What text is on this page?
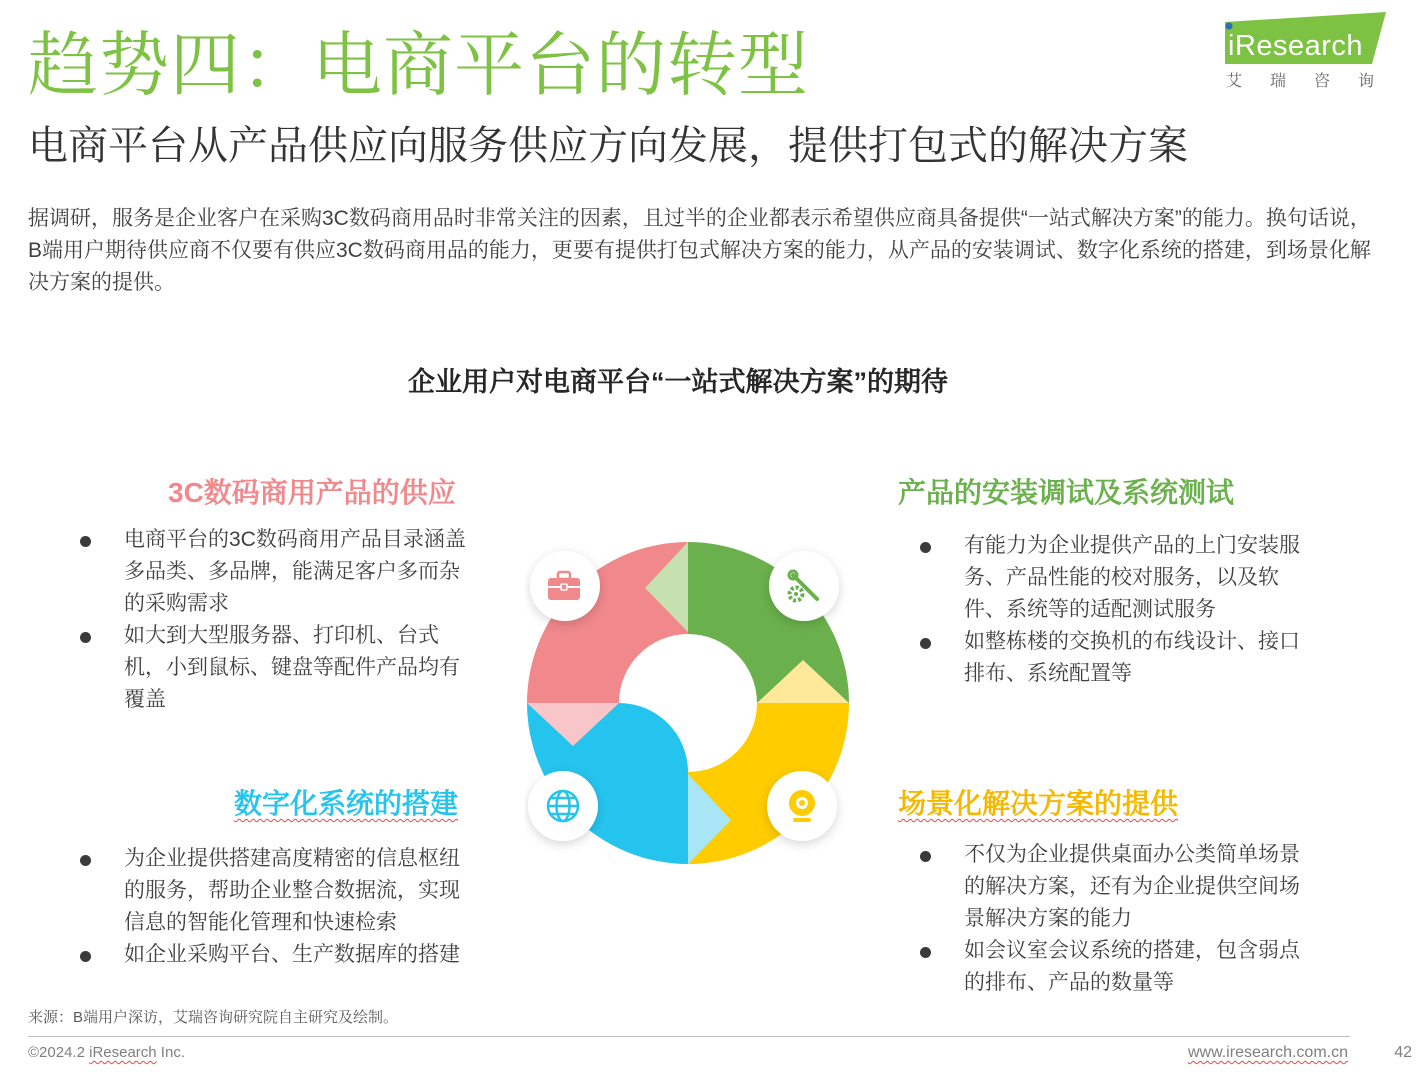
趋势四：电商平台的转型
电商平台从产品供应向服务供应方向发展，提供打包式的解决方案
据调研，服务是企业客户在采购3C数码商用品时非常关注的因素，且过半的企业都表示希望供应商具备提供“一站式解决方案”的能力。换句话说，B端用户期待供应商不仅要有供应3C数码商用品的能力，更要有提供打包式解决方案的能力，从产品的安装调试、数字化系统的搭建，到场景化解决方案的提供。
iResearch
艾瑞咨询
企业用户对电商平台“一站式解决方案”的期待
3C数码商用产品的供应
电商平台的3C数码商用产品目录涵盖多品类、多品牌，能满足客户多而杂的采购需求
如大到大型服务器、打印机、台式机，小到鼠标、键盘等配件产品均有覆盖
产品的安装调试及系统测试
有能力为企业提供产品的上门安装服务、产品性能的校对服务，以及软件、系统等的适配测试服务
如整栋楼的交换机的布线设计、接口排布、系统配置等
数字化系统的搭建
为企业提供搭建高度精密的信息枢纽的服务，帮助企业整合数据流，实现信息的智能化管理和快速检索
如企业采购平台、生产数据库的搭建
场景化解决方案的提供
不仅为企业提供桌面办公类简单场景的解决方案，还有为企业提供空间场景解决方案的能力
如会议室会议系统的搭建，包含弱点的排布、产品的数量等
来源：B端用户深访，艾瑞咨询研究院自主研究及绘制。
©2024.2 iResearch Inc.	www.iresearch.com.cn	42
